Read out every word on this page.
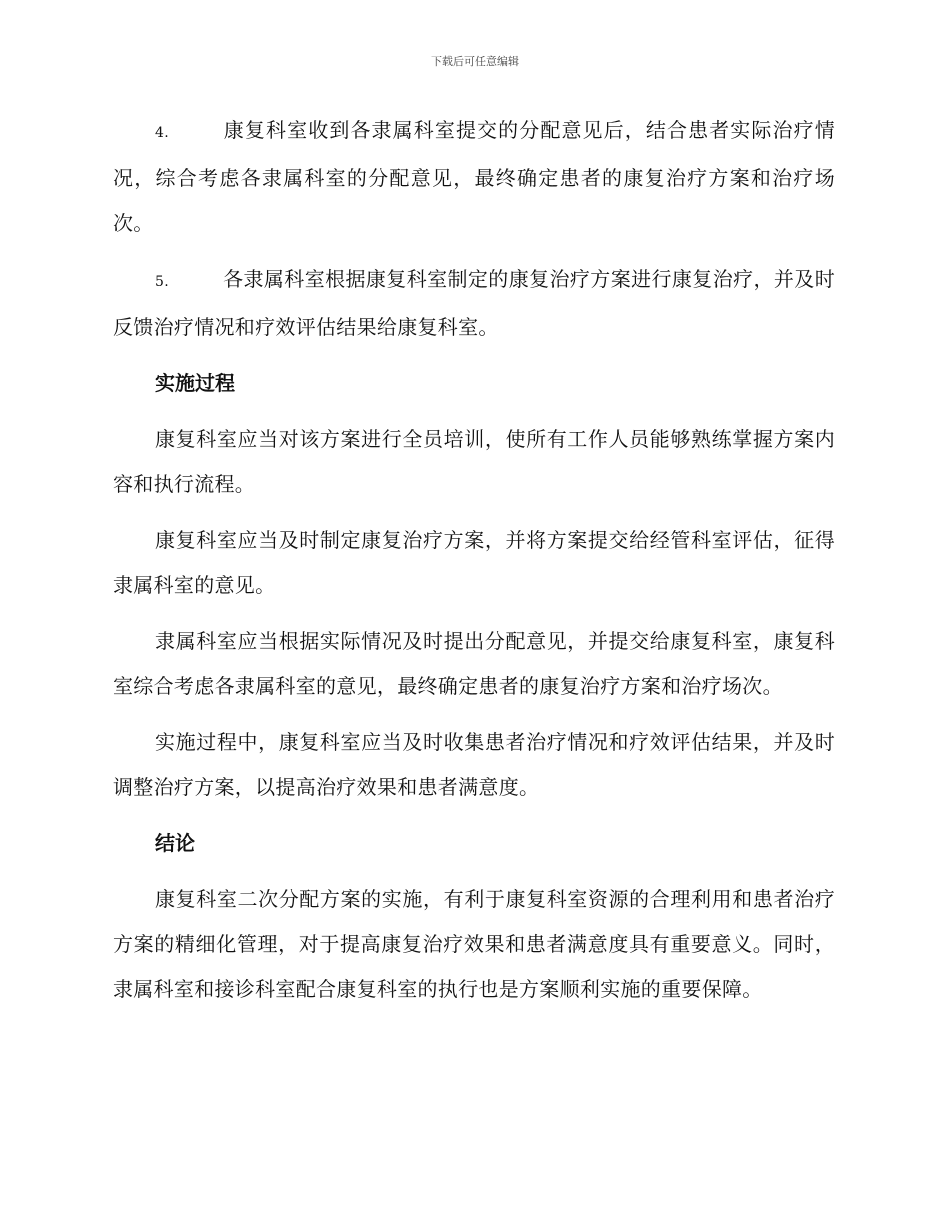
下载后可任意编辑

4.	康复科室收到各隶属科室提交的分配意见后，结合患者实际治疗情况，综合考虑各隶属科室的分配意见，最终确定患者的康复治疗方案和治疗场次。

5.	各隶属科室根据康复科室制定的康复治疗方案进行康复治疗，并及时反馈治疗情况和疗效评估结果给康复科室。

实施过程

康复科室应当对该方案进行全员培训，使所有工作人员能够熟练掌握方案内容和执行流程。

康复科室应当及时制定康复治疗方案，并将方案提交给经管科室评估，征得隶属科室的意见。

隶属科室应当根据实际情况及时提出分配意见，并提交给康复科室，康复科室综合考虑各隶属科室的意见，最终确定患者的康复治疗方案和治疗场次。

实施过程中，康复科室应当及时收集患者治疗情况和疗效评估结果，并及时调整治疗方案，以提高治疗效果和患者满意度。

结论

康复科室二次分配方案的实施，有利于康复科室资源的合理利用和患者治疗方案的精细化管理，对于提高康复治疗效果和患者满意度具有重要意义。同时，隶属科室和接诊科室配合康复科室的执行也是方案顺利实施的重要保障。
